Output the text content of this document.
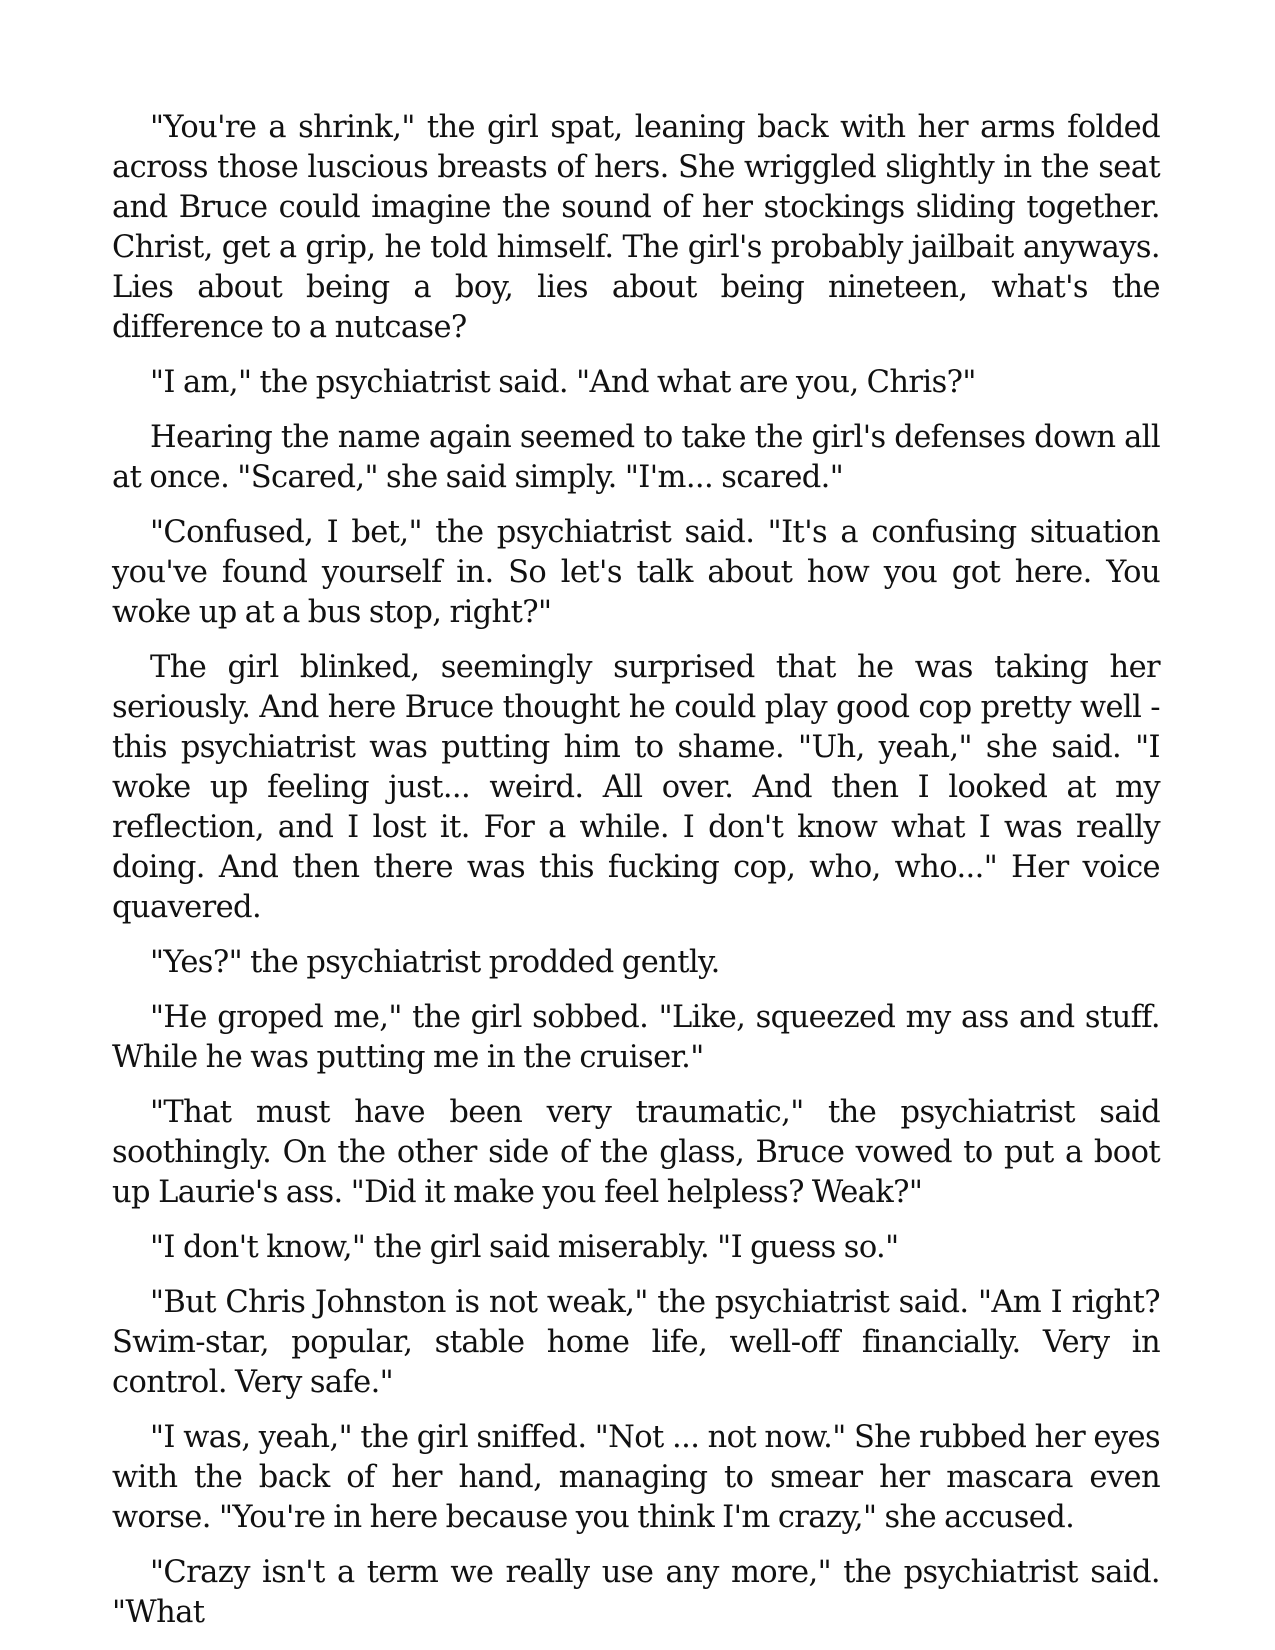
"You're a shrink," the girl spat, leaning back with her arms folded across those luscious breasts of hers. She wriggled slightly in the seat and Bruce could imagine the sound of her stockings sliding together. Christ, get a grip, he told himself. The girl's probably jailbait anyways. Lies about being a boy, lies about being nineteen, what's the difference to a nutcase?

"I am," the psychiatrist said. "And what are you, Chris?"

Hearing the name again seemed to take the girl's defenses down all at once. "Scared," she said simply. "I'm... scared."

"Confused, I bet," the psychiatrist said. "It's a confusing situation you've found yourself in. So let's talk about how you got here. You woke up at a bus stop, right?"

The girl blinked, seemingly surprised that he was taking her seriously. And here Bruce thought he could play good cop pretty well - this psychiatrist was putting him to shame. "Uh, yeah," she said. "I woke up feeling just... weird. All over. And then I looked at my reflection, and I lost it. For a while. I don't know what I was really doing. And then there was this fucking cop, who, who..." Her voice quavered.

"Yes?" the psychiatrist prodded gently.

"He groped me," the girl sobbed. "Like, squeezed my ass and stuff. While he was putting me in the cruiser."

"That must have been very traumatic," the psychiatrist said soothingly. On the other side of the glass, Bruce vowed to put a boot up Laurie's ass. "Did it make you feel helpless? Weak?"

"I don't know," the girl said miserably. "I guess so."

"But Chris Johnston is not weak," the psychiatrist said. "Am I right? Swim-star, popular, stable home life, well-off financially. Very in control. Very safe."

"I was, yeah," the girl sniffed. "Not ... not now." She rubbed her eyes with the back of her hand, managing to smear her mascara even worse. "You're in here because you think I'm crazy," she accused.

"Crazy isn't a term we really use any more," the psychiatrist said. "What
